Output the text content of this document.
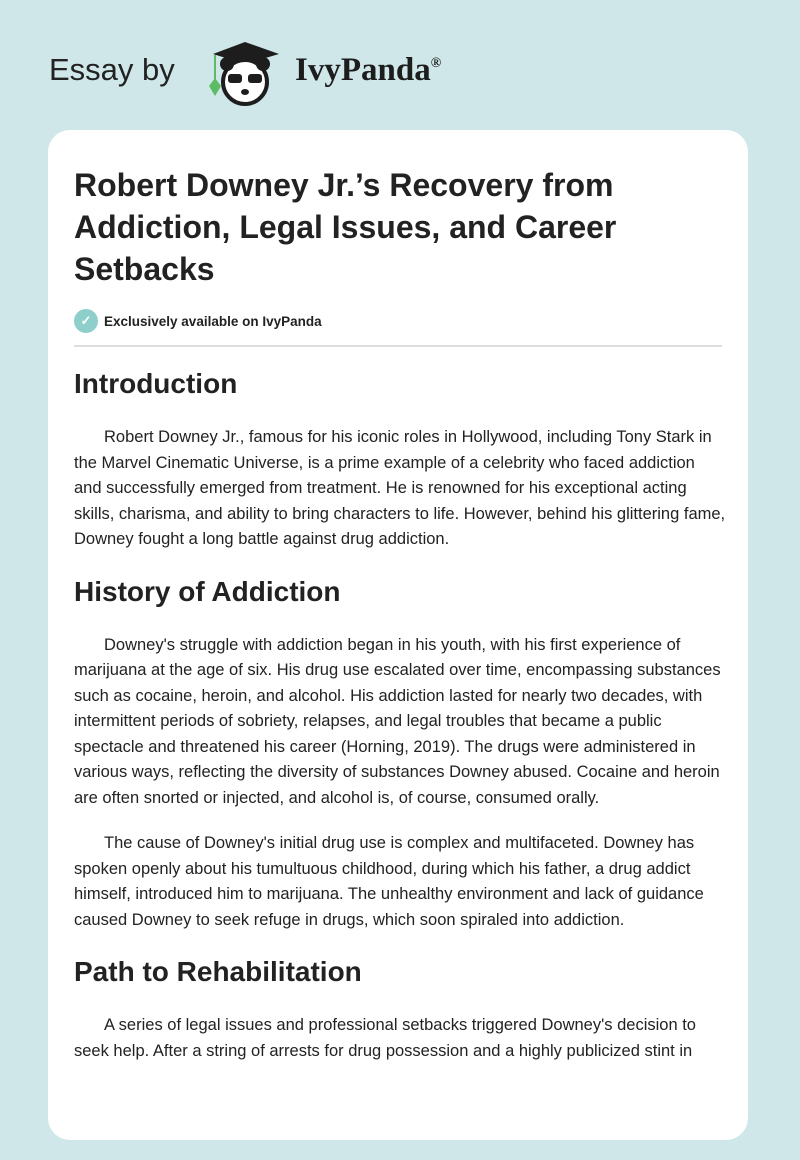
Essay by	IvyPanda®
Robert Downey Jr.’s Recovery from Addiction, Legal Issues, and Career Setbacks
✓ Exclusively available on IvyPanda
Introduction

Robert Downey Jr., famous for his iconic roles in Hollywood, including Tony Stark in the Marvel Cinematic Universe, is a prime example of a celebrity who faced addiction and successfully emerged from treatment. He is renowned for his exceptional acting skills, charisma, and ability to bring characters to life. However, behind his glittering fame, Downey fought a long battle against drug addiction.

History of Addiction

Downey's struggle with addiction began in his youth, with his first experience of marijuana at the age of six. His drug use escalated over time, encompassing substances such as cocaine, heroin, and alcohol. His addiction lasted for nearly two decades, with intermittent periods of sobriety, relapses, and legal troubles that became a public spectacle and threatened his career (Horning, 2019). The drugs were administered in various ways, reflecting the diversity of substances Downey abused. Cocaine and heroin are often snorted or injected, and alcohol is, of course, consumed orally.

The cause of Downey's initial drug use is complex and multifaceted. Downey has spoken openly about his tumultuous childhood, during which his father, a drug addict himself, introduced him to marijuana. The unhealthy environment and lack of guidance caused Downey to seek refuge in drugs, which soon spiraled into addiction.

Path to Rehabilitation

A series of legal issues and professional setbacks triggered Downey's decision to seek help. After a string of arrests for drug possession and a highly publicized stint in
